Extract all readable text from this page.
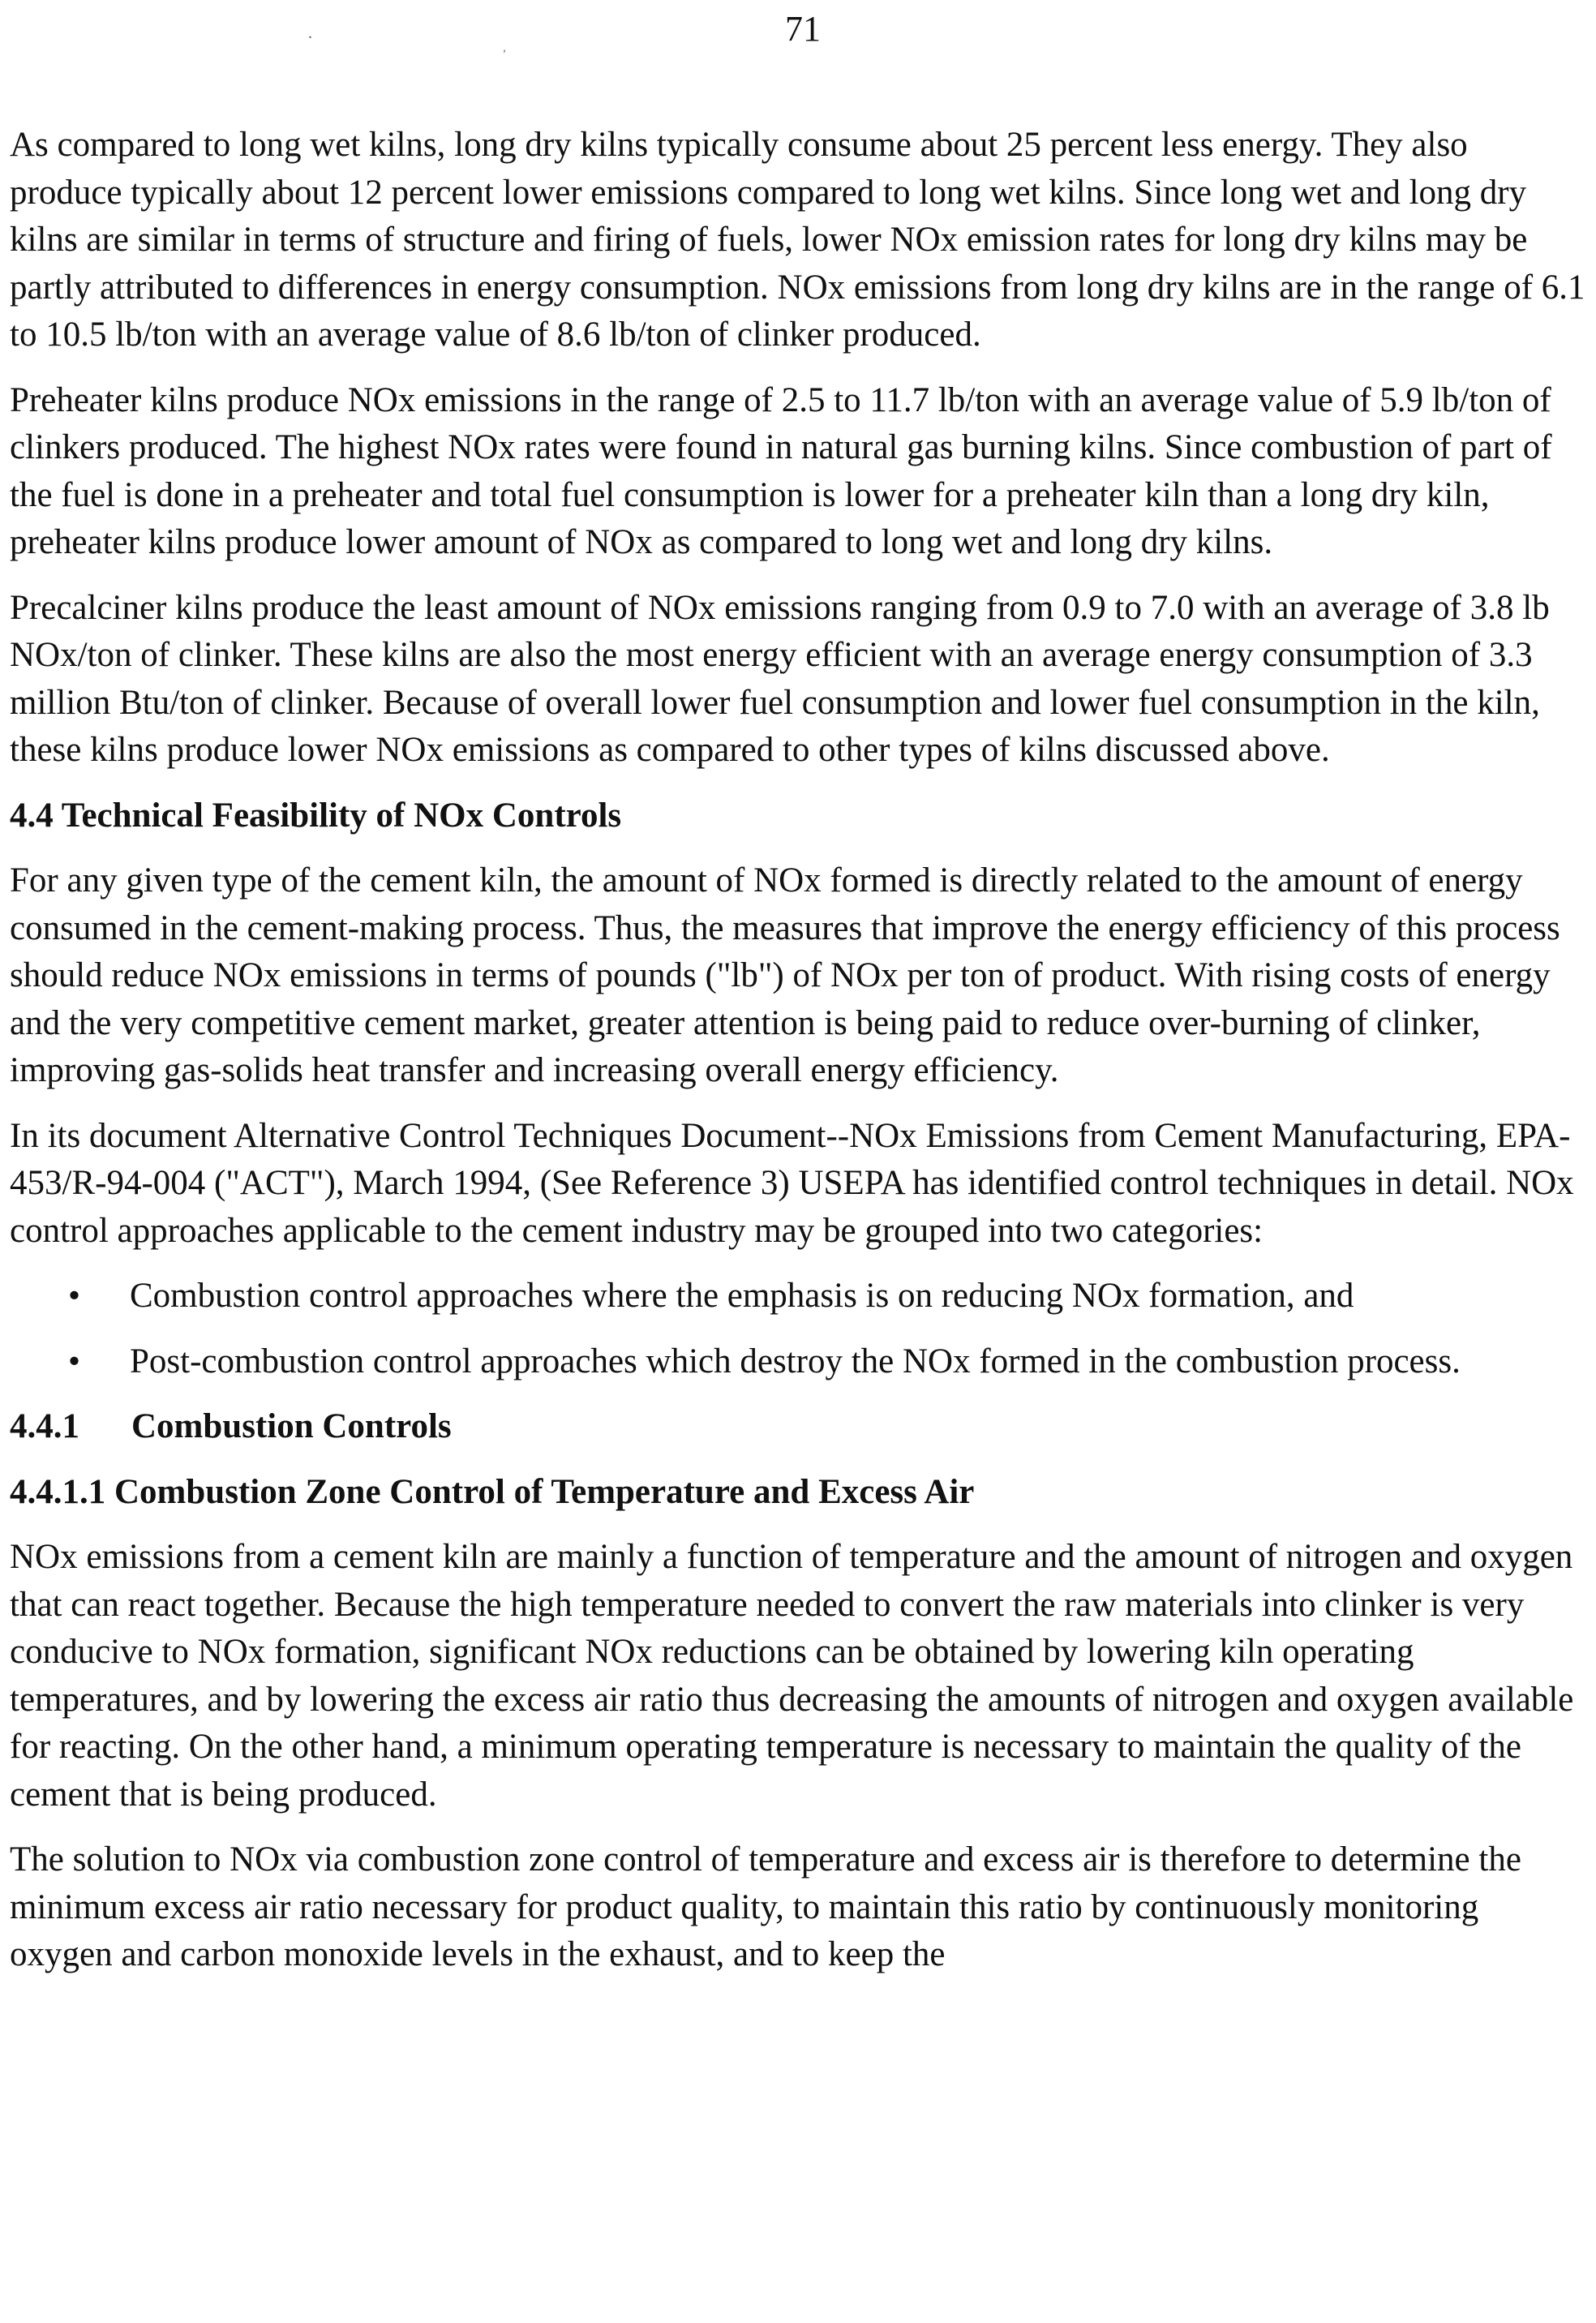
.
,	71

As compared to long wet kilns, long dry kilns typically consume about 25 percent less energy. They also produce typically about 12 percent lower emissions compared to long wet kilns. Since long wet and long dry kilns are similar in terms of structure and firing of fuels, lower NOx emission rates for long dry kilns may be partly attributed to differences in energy consumption. NOx emissions from long dry kilns are in the range of 6.1 to 10.5 lb/ton with an average value of 8.6 lb/ton of clinker produced.

Preheater kilns produce NOx emissions in the range of 2.5 to 11.7 lb/ton with an average value of 5.9 lb/ton of clinkers produced. The highest NOx rates were found in natural gas burning kilns. Since combustion of part of the fuel is done in a preheater and total fuel consumption is lower for a preheater kiln than a long dry kiln, preheater kilns produce lower amount of NOx as compared to long wet and long dry kilns.

Precalciner kilns produce the least amount of NOx emissions ranging from 0.9 to 7.0 with an average of 3.8 lb NOx/ton of clinker. These kilns are also the most energy efficient with an average energy consumption of 3.3 million Btu/ton of clinker. Because of overall lower fuel consumption and lower fuel consumption in the kiln, these kilns produce lower NOx emissions as compared to other types of kilns discussed above.

4.4 Technical Feasibility of NOx Controls

For any given type of the cement kiln, the amount of NOx formed is directly related to the amount of energy consumed in the cement-making process. Thus, the measures that improve the energy efficiency of this process should reduce NOx emissions in terms of pounds ("lb") of NOx per ton of product. With rising costs of energy and the very competitive cement market, greater attention is being paid to reduce over-burning of clinker, improving gas-solids heat transfer and increasing overall energy efficiency.

In its document Alternative Control Techniques Document--NOx Emissions from Cement Manufacturing, EPA-453/R-94-004 ("ACT"), March 1994, (See Reference 3) USEPA has identified control techniques in detail. NOx control approaches applicable to the cement industry may be grouped into two categories:

• Combustion control approaches where the emphasis is on reducing NOx formation, and
• Post-combustion control approaches which destroy the NOx formed in the combustion process.
4.4.1 Combustion Controls
4.4.1.1 Combustion Zone Control of Temperature and Excess Air

NOx emissions from a cement kiln are mainly a function of temperature and the amount of nitrogen and oxygen that can react together. Because the high temperature needed to convert the raw materials into clinker is very conducive to NOx formation, significant NOx reductions can be obtained by lowering kiln operating temperatures, and by lowering the excess air ratio thus decreasing the amounts of nitrogen and oxygen available for reacting. On the other hand, a minimum operating temperature is necessary to maintain the quality of the cement that is being produced.

The solution to NOx via combustion zone control of temperature and excess air is therefore to determine the minimum excess air ratio necessary for product quality, to maintain this ratio by continuously monitoring oxygen and carbon monoxide levels in the exhaust, and to keep the
